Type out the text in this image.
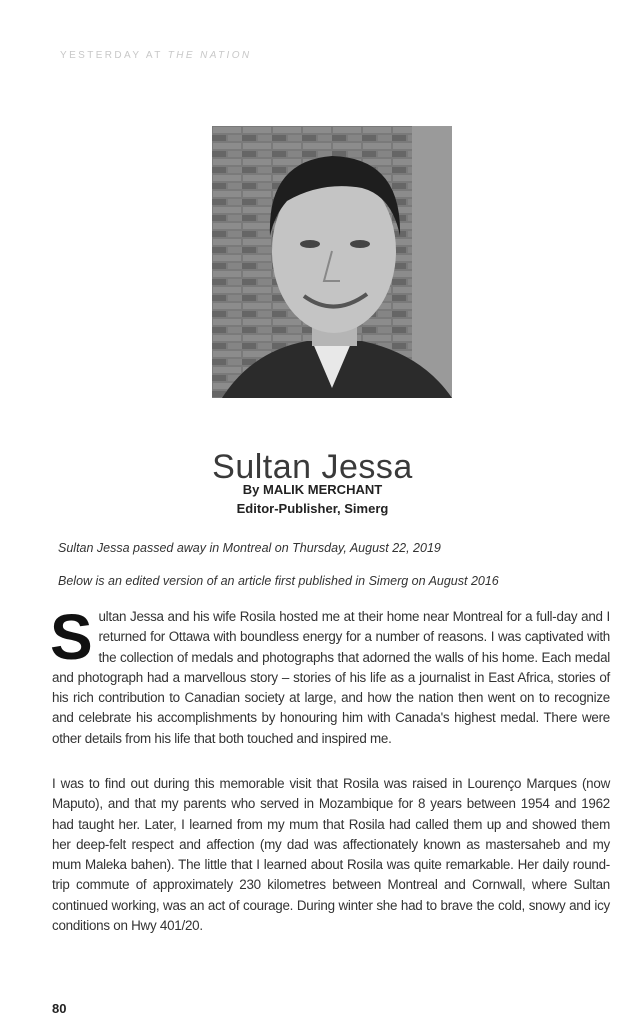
YESTERDAY AT THE NATION
Sultan Jessa
By MALIK MERCHANT
Editor-Publisher, Simerg
Sultan Jessa passed away in Montreal on Thursday, August 22, 2019
Below is an edited version of an article first published in Simerg on August 2016
Sultan Jessa and his wife Rosila hosted me at their home near Montreal for a full-day and I returned for Ottawa with boundless energy for a number of reasons. I was captivated with the collection of medals and photographs that adorned the walls of his home. Each medal and photograph had a marvellous story – stories of his life as a journalist in East Africa, stories of his rich contribution to Canadian society at large, and how the nation then went on to recognize and celebrate his accomplishments by honouring him with Canada's highest medal. There were other details from his life that both touched and inspired me.
I was to find out during this memorable visit that Rosila was raised in Lourenço Marques (now Maputo), and that my parents who served in Mozambique for 8 years between 1954 and 1962 had taught her. Later, I learned from my mum that Rosila had called them up and showed them her deep-felt respect and affection (my dad was affectionately known as mastersaheb and my mum Maleka bahen). The little that I learned about Rosila was quite remarkable. Her daily round-trip commute of approximately 230 kilometres between Montreal and Cornwall, where Sultan continued working, was an act of courage. During winter she had to brave the cold, snowy and icy conditions on Hwy 401/20.
80
